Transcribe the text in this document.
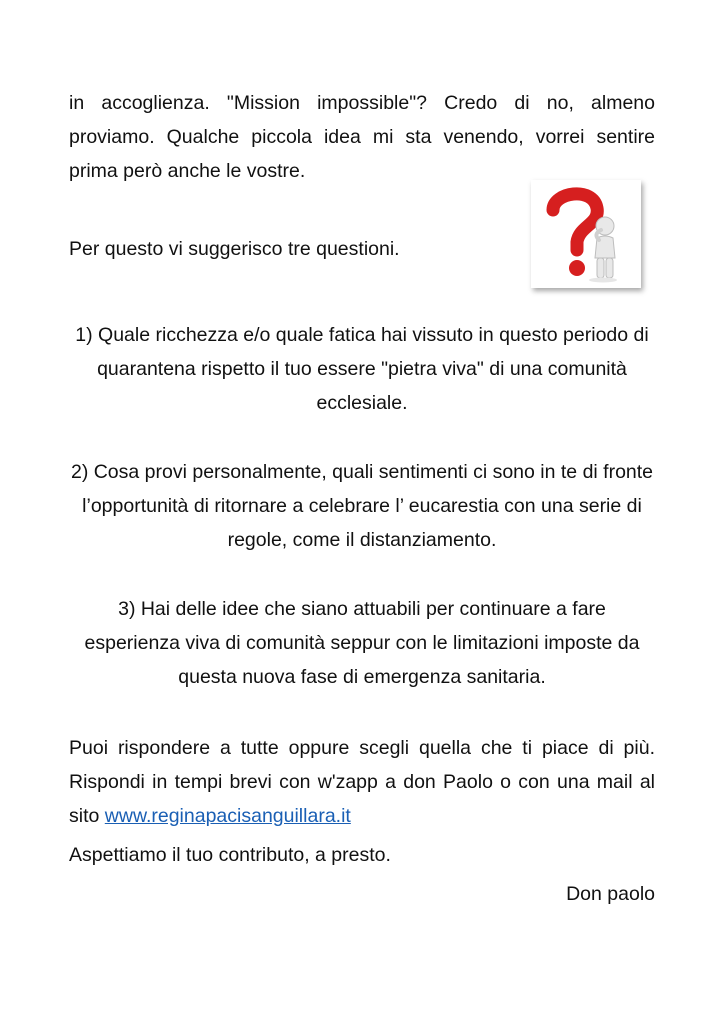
in accoglienza. "Mission impossible"? Credo di no, almeno proviamo. Qualche piccola idea mi sta venendo, vorrei sentire prima però anche le vostre.

Per questo vi suggerisco tre questioni.

1) Quale ricchezza e/o quale fatica hai vissuto in questo periodo di quarantena rispetto il tuo essere "pietra viva" di una comunità ecclesiale.

2) Cosa provi personalmente, quali sentimenti ci sono in te di fronte l’opportunità di ritornare a celebrare l’ eucarestia con una serie di regole, come il distanziamento.

3) Hai delle idee che siano attuabili per continuare a fare esperienza viva di comunità seppur con le limitazioni imposte da questa nuova fase di emergenza sanitaria.

Puoi rispondere a tutte oppure scegli quella che ti piace di più. Rispondi in tempi brevi con w'zapp a don Paolo o con una mail al sito www.reginapacisanguillara.it

Aspettiamo il tuo contributo, a presto.

Don paolo
